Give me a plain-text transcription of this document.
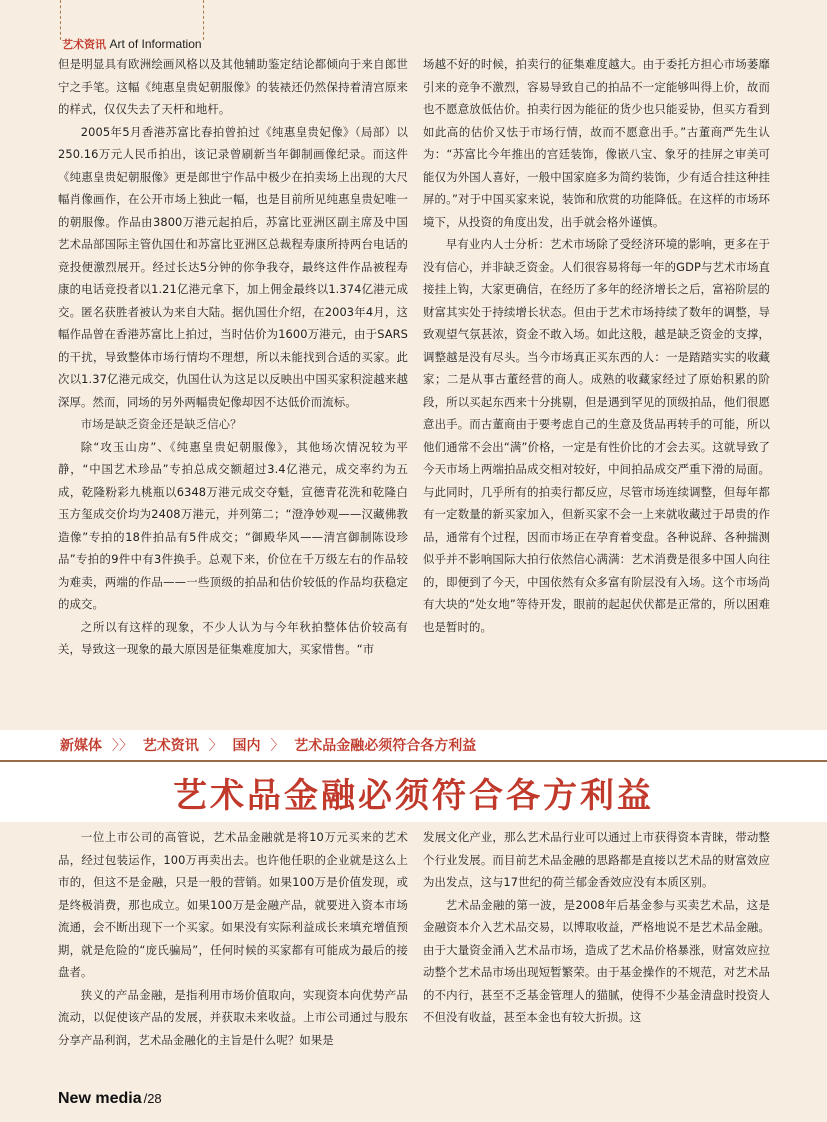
艺术资讯 Art of Information

但是明显具有欧洲绘画风格以及其他辅助鉴定结论都倾向于来自郎世宁之手笔。这幅《纯惠皇贵妃朝服像》的装裱还仍然保持着清宫原来的样式，仅仅失去了天杆和地杆。

2005年5月香港苏富比春拍曾拍过《纯惠皇贵妃像》（局部）以250.16万元人民币拍出，该记录曾刷新当年御制画像纪录。而这件《纯惠皇贵妃朝服像》更是郎世宁作品中极少在拍卖场上出现的大尺幅肖像画作，在公开市场上独此一幅，也是目前所见纯惠皇贵妃唯一的朝服像。作品由3800万港元起拍后，苏富比亚洲区副主席及中国艺术品部国际主管仇国仕和苏富比亚洲区总裁程寿康所持两台电话的竞投便激烈展开。经过长达5分钟的你争我夺，最终这件作品被程寿康的电话竞投者以1.21亿港元拿下，加上佣金最终以1.374亿港元成交。匿名获胜者被认为来自大陆。据仇国仕介绍，在2003年4月，这幅作品曾在香港苏富比上拍过，当时估价为1600万港元，由于SARS的干扰，导致整体市场行情均不理想，所以未能找到合适的买家。此次以1.37亿港元成交，仇国仕认为这足以反映出中国买家积淀越来越深厚。然而，同场的另外两幅贵妃像却因不达低价而流标。

市场是缺乏资金还是缺乏信心？

除“攻玉山房”、《纯惠皇贵妃朝服像》，其他场次情况较为平静，“中国艺术珍品”专拍总成交额超过3.4亿港元，成交率约为五成，乾隆粉彩九桃瓶以6348万港元成交夺魁，宣德青花洗和乾隆白玉方玺成交价均为2408万港元，并列第二；“澄净妙观——汉藏佛教造像”专拍的18件拍品有5件成交；“御殿华风——清宫御制陈设珍品”专拍的9件中有3件换手。总观下来，价位在千万级左右的作品较为难卖，两端的作品——一些顶级的拍品和估价较低的作品均获稳定的成交。

之所以有这样的现象，不少人认为与今年秋拍整体估价较高有关，导致这一现象的最大原因是征集难度加大，买家惜售。“市

场越不好的时候，拍卖行的征集难度越大。由于委托方担心市场萎靡引来的竞争不激烈，容易导致自己的拍品不一定能够叫得上价，故而也不愿意放低估价。拍卖行因为能征的货少也只能妥协，但买方看到如此高的估价又怯于市场行情，故而不愿意出手。”古董商严先生认为：“苏富比今年推出的宫廷装饰，像嵌八宝、象牙的挂屏之审美可能仅为外国人喜好，一般中国家庭多为简约装饰，少有适合挂这种挂屏的。”对于中国买家来说，装饰和欣赏的功能降低。在这样的市场环境下，从投资的角度出发，出手就会格外谨慎。

早有业内人士分析：艺术市场除了受经济环境的影响，更多在于没有信心，并非缺乏资金。人们很容易将每一年的GDP与艺术市场直接挂上钩，大家更确信，在经历了多年的经济增长之后，富裕阶层的财富其实处于持续增长状态。但由于艺术市场持续了数年的调整，导致观望气氛甚浓，资金不敢入场。如此这般，越是缺乏资金的支撑，调整越是没有尽头。当今市场真正买东西的人：一是踏踏实实的收藏家；二是从事古董经营的商人。成熟的收藏家经过了原始积累的阶段，所以买起东西来十分挑剔，但是遇到罕见的顶级拍品，他们很愿意出手。而古董商由于要考虑自己的生意及货品再转手的可能，所以他们通常不会出“满”价格，一定是有性价比的才会去买。这就导致了今天市场上两端拍品成交相对较好，中间拍品成交严重下滑的局面。与此同时，几乎所有的拍卖行都反应，尽管市场连续调整，但每年都有一定数量的新买家加入，但新买家不会一上来就收藏过于昂贵的作品，通常有个过程，因而市场正在孕育着变盘。各种说辞、各种揣测似乎并不影响国际大拍行依然信心满满：艺术消费是很多中国人向往的，即便到了今天，中国依然有众多富有阶层没有入场。这个市场尚有大块的“处女地”等待开发，眼前的起起伏伏都是正常的，所以困难也是暂时的。

新媒体 〉〉 艺术资讯 〉 国内 〉 艺术品金融必须符合各方利益
艺术品金融必须符合各方利益

一位上市公司的高管说，艺术品金融就是将10万元买来的艺术品，经过包装运作，100万再卖出去。也许他任职的企业就是这么上市的，但这不是金融，只是一般的营销。如果100万是价值发现，或是终极消费，那也成立。如果100万是金融产品，就要进入资本市场流通，会不断出现下一个买家。如果没有实际利益成长来填充增值预期，就是危险的“庞氏骗局”，任何时候的买家都有可能成为最后的接盘者。

狭义的产品金融，是指利用市场价值取向，实现资本向优势产品流动，以促使该产品的发展，并获取未来收益。上市公司通过与股东分享产品利润，艺术品金融化的主旨是什么呢？如果是

发展文化产业，那么艺术品行业可以通过上市获得资本青睐，带动整个行业发展。而目前艺术品金融的思路都是直接以艺术品的财富效应为出发点，这与17世纪的荷兰郁金香效应没有本质区别。

艺术品金融的第一波，是2008年后基金参与买卖艺术品，这是金融资本介入艺术品交易，以博取收益，严格地说不是艺术品金融。由于大量资金涌入艺术品市场，造成了艺术品价格暴涨，财富效应拉动整个艺术品市场出现短暂繁荣。由于基金操作的不规范，对艺术品的不内行，甚至不乏基金管理人的猫腻，使得不少基金清盘时投资人不但没有收益，甚至本金也有较大折损。这

New media /28
